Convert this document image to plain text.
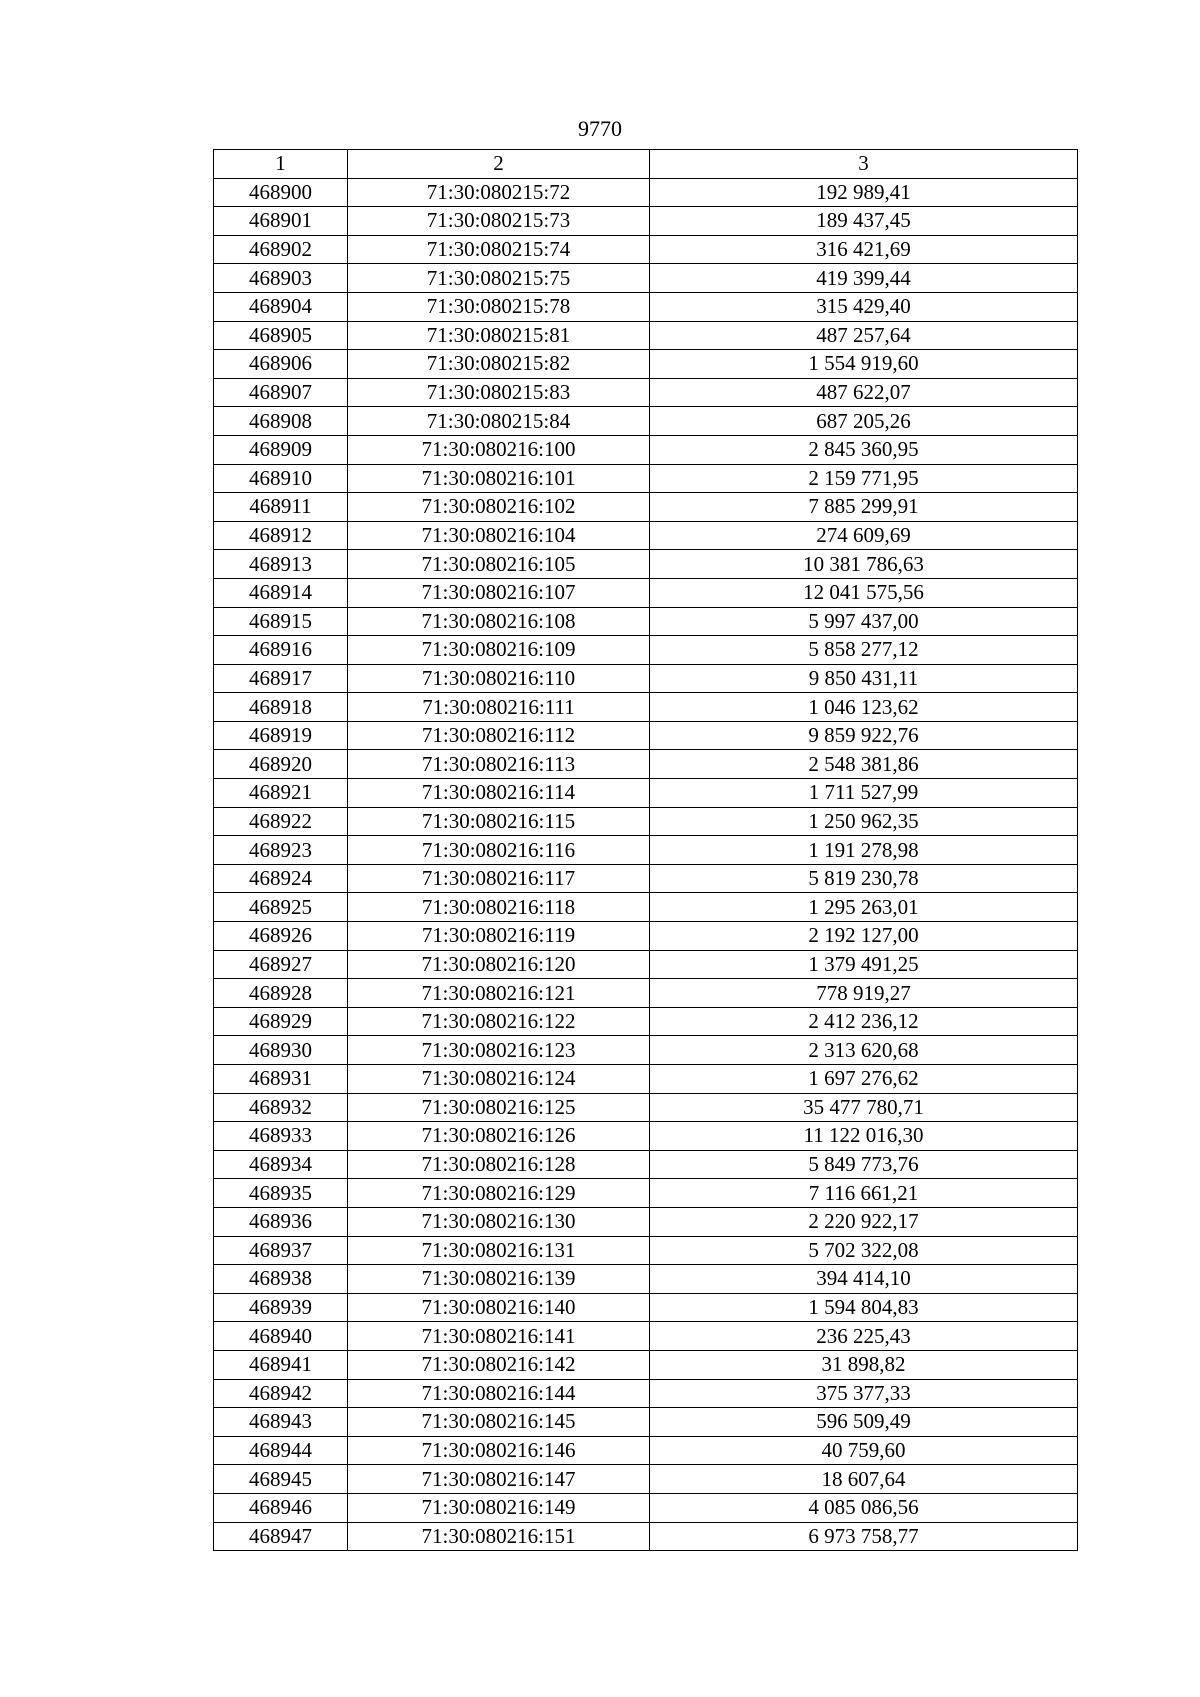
9770
1	2	3
468900	71:30:080215:72	192 989,41
468901	71:30:080215:73	189 437,45
468902	71:30:080215:74	316 421,69
468903	71:30:080215:75	419 399,44
468904	71:30:080215:78	315 429,40
468905	71:30:080215:81	487 257,64
468906	71:30:080215:82	1 554 919,60
468907	71:30:080215:83	487 622,07
468908	71:30:080215:84	687 205,26
468909	71:30:080216:100	2 845 360,95
468910	71:30:080216:101	2 159 771,95
468911	71:30:080216:102	7 885 299,91
468912	71:30:080216:104	274 609,69
468913	71:30:080216:105	10 381 786,63
468914	71:30:080216:107	12 041 575,56
468915	71:30:080216:108	5 997 437,00
468916	71:30:080216:109	5 858 277,12
468917	71:30:080216:110	9 850 431,11
468918	71:30:080216:111	1 046 123,62
468919	71:30:080216:112	9 859 922,76
468920	71:30:080216:113	2 548 381,86
468921	71:30:080216:114	1 711 527,99
468922	71:30:080216:115	1 250 962,35
468923	71:30:080216:116	1 191 278,98
468924	71:30:080216:117	5 819 230,78
468925	71:30:080216:118	1 295 263,01
468926	71:30:080216:119	2 192 127,00
468927	71:30:080216:120	1 379 491,25
468928	71:30:080216:121	778 919,27
468929	71:30:080216:122	2 412 236,12
468930	71:30:080216:123	2 313 620,68
468931	71:30:080216:124	1 697 276,62
468932	71:30:080216:125	35 477 780,71
468933	71:30:080216:126	11 122 016,30
468934	71:30:080216:128	5 849 773,76
468935	71:30:080216:129	7 116 661,21
468936	71:30:080216:130	2 220 922,17
468937	71:30:080216:131	5 702 322,08
468938	71:30:080216:139	394 414,10
468939	71:30:080216:140	1 594 804,83
468940	71:30:080216:141	236 225,43
468941	71:30:080216:142	31 898,82
468942	71:30:080216:144	375 377,33
468943	71:30:080216:145	596 509,49
468944	71:30:080216:146	40 759,60
468945	71:30:080216:147	18 607,64
468946	71:30:080216:149	4 085 086,56
468947	71:30:080216:151	6 973 758,77
